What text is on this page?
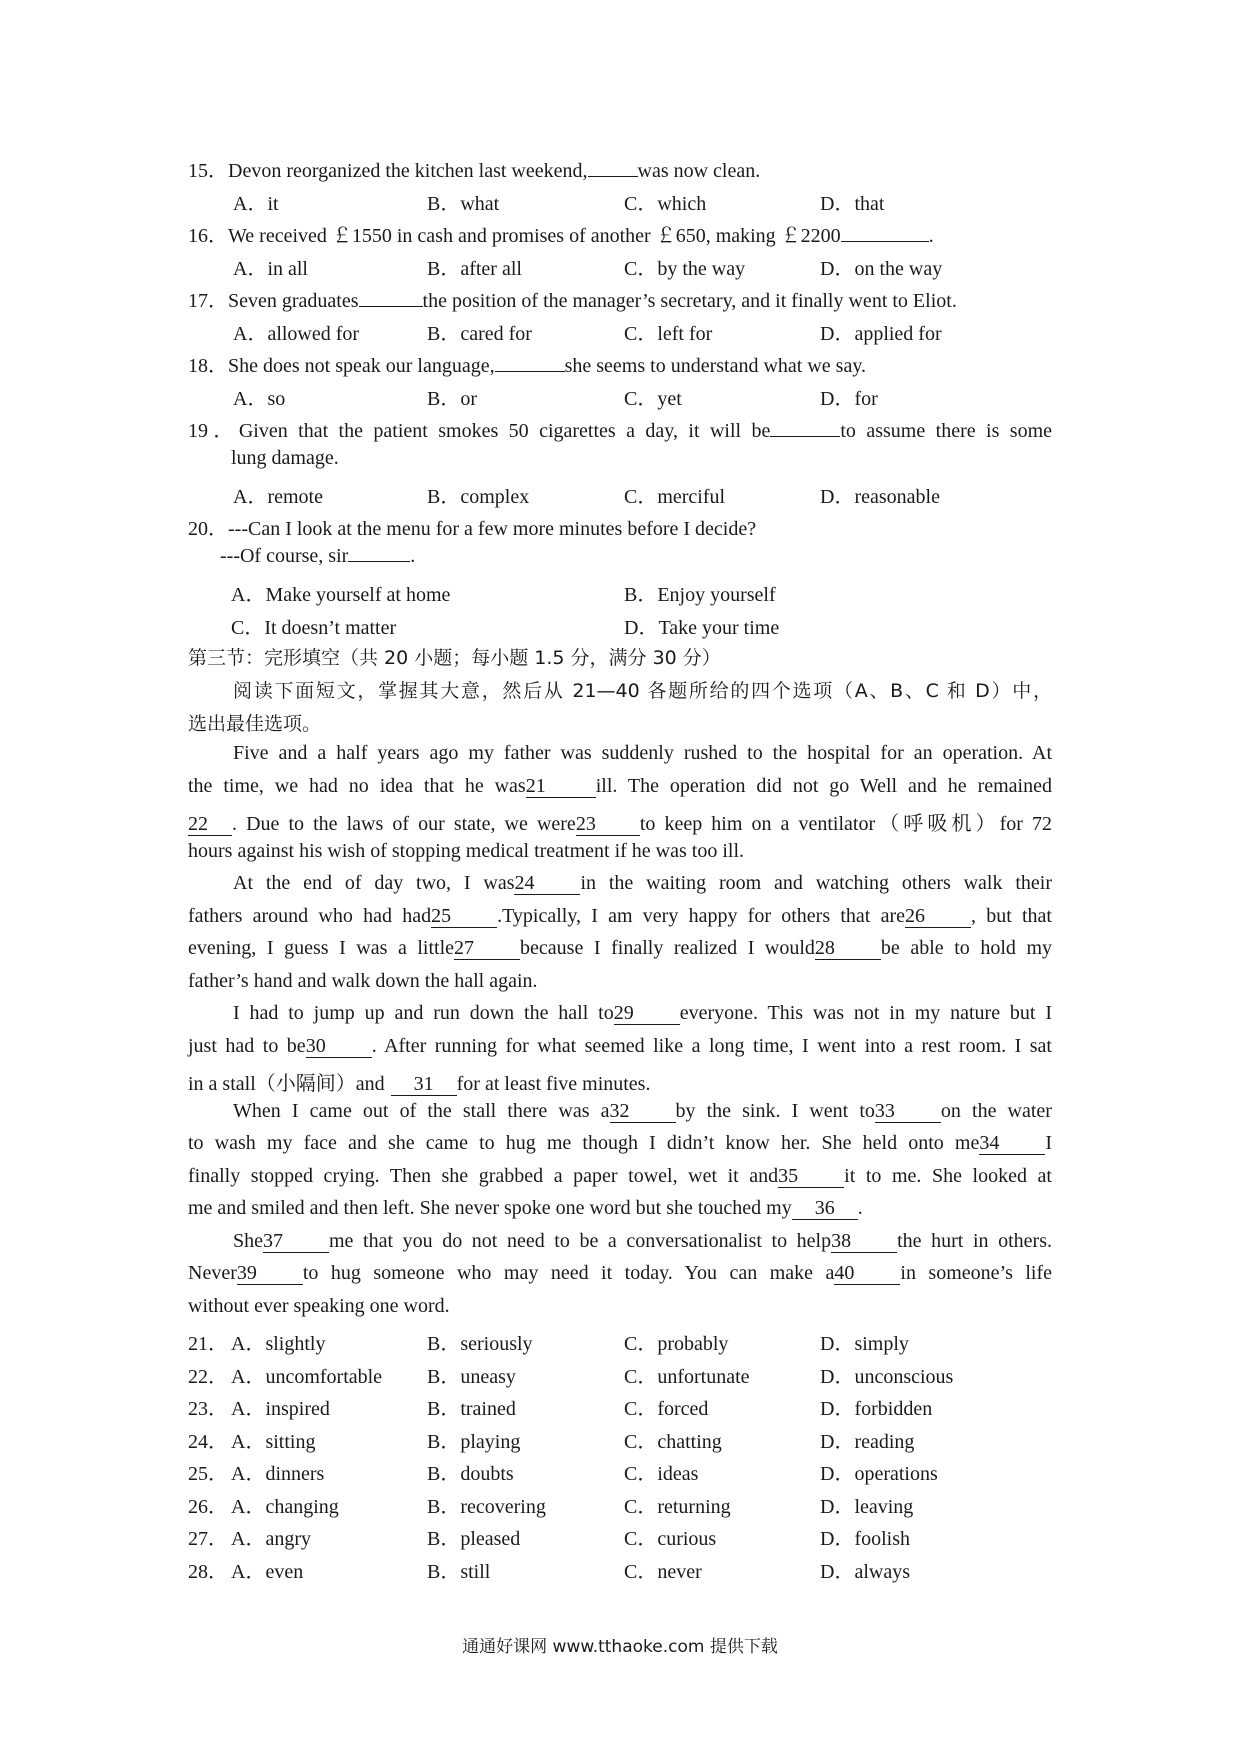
15．Devon reorganized the kitchen last weekend,	was now clean.
A．it	B．what	C．which	D．that
16．We received ￡1550 in cash and promises of another ￡650, making ￡2200	.
A．in all	B．after all	C．by the way	D．on the way
17．Seven graduates	the position of the manager’s secretary, and it finally went to Eliot.
A．allowed for	B．cared for	C．left for	D．applied for
18．She does not speak our language,	she seems to understand what we say.
A．so	B．or	C．yet	D．for
19．Given that the patient smokes 50 cigarettes a day, it will be	to assume there is some
lung damage.
A．remote	B．complex	C．merciful	D．reasonable
20．---Can I look at the menu for a few more minutes before I decide?
---Of course, sir	.
A．Make yourself at home	B．Enjoy yourself
C．It doesn’t matter	D．Take your time
第三节：完形填空（共 20 小题；每小题 1.5 分，满分 30 分）
阅读下面短文，掌握其大意，然后从 21—40 各题所给的四个选项（A、B、C 和 D）中，
选出最佳选项。
Five and a half years ago my father was suddenly rushed to the hospital for an operation. At
the time, we had no idea that he was21	ill. The operation did not go Well and he remained
22 . Due to the laws of our state, we were23 to keep him on a ventilator（呼吸机）for 72
hours against his wish of stopping medical treatment if he was too ill.
At the end of day two, I was24 in the waiting room and watching others walk their
fathers around who had had25 .Typically, I am very happy for others that are26 , but that
evening, I guess I was a little27 because I finally realized I would28 be able to hold my
father’s hand and walk down the hall again.
I had to jump up and run down the hall to29 everyone. This was not in my nature but I
just had to be30 . After running for what seemed like a long time, I went into a rest room. I sat
in a stall（小隔间）and 31 for at least five minutes.
When I came out of the stall there was a32 by the sink. I went to33 on the water
to wash my face and she came to hug me though I didn’t know her. She held onto me34 I
finally stopped crying. Then she grabbed a paper towel, wet it and35 it to me. She looked at
me and smiled and then left. She never spoke one word but she touched my 36 .
She37 me that you do not need to be a conversationalist to help38 the hurt in others.
Never39 to hug someone who may need it today. You can make a40 in someone’s life
without ever speaking one word.
21． A．slightly	B．seriously	C．probably	D．simply
22． A．uncomfortable B．uneasy	C．unfortunate	D．unconscious
23． A．inspired	B．trained	C．forced	D．forbidden
24． A．sitting	B．playing	C．chatting	D．reading
25． A．dinners	B．doubts	C．ideas	D．operations
26． A．changing	B．recovering	C．returning	D．leaving
27． A．angry	B．pleased	C．curious	D．foolish
28． A．even	B．still	C．never	D．always
通通好课网 www.tthaoke.com 提供下载
